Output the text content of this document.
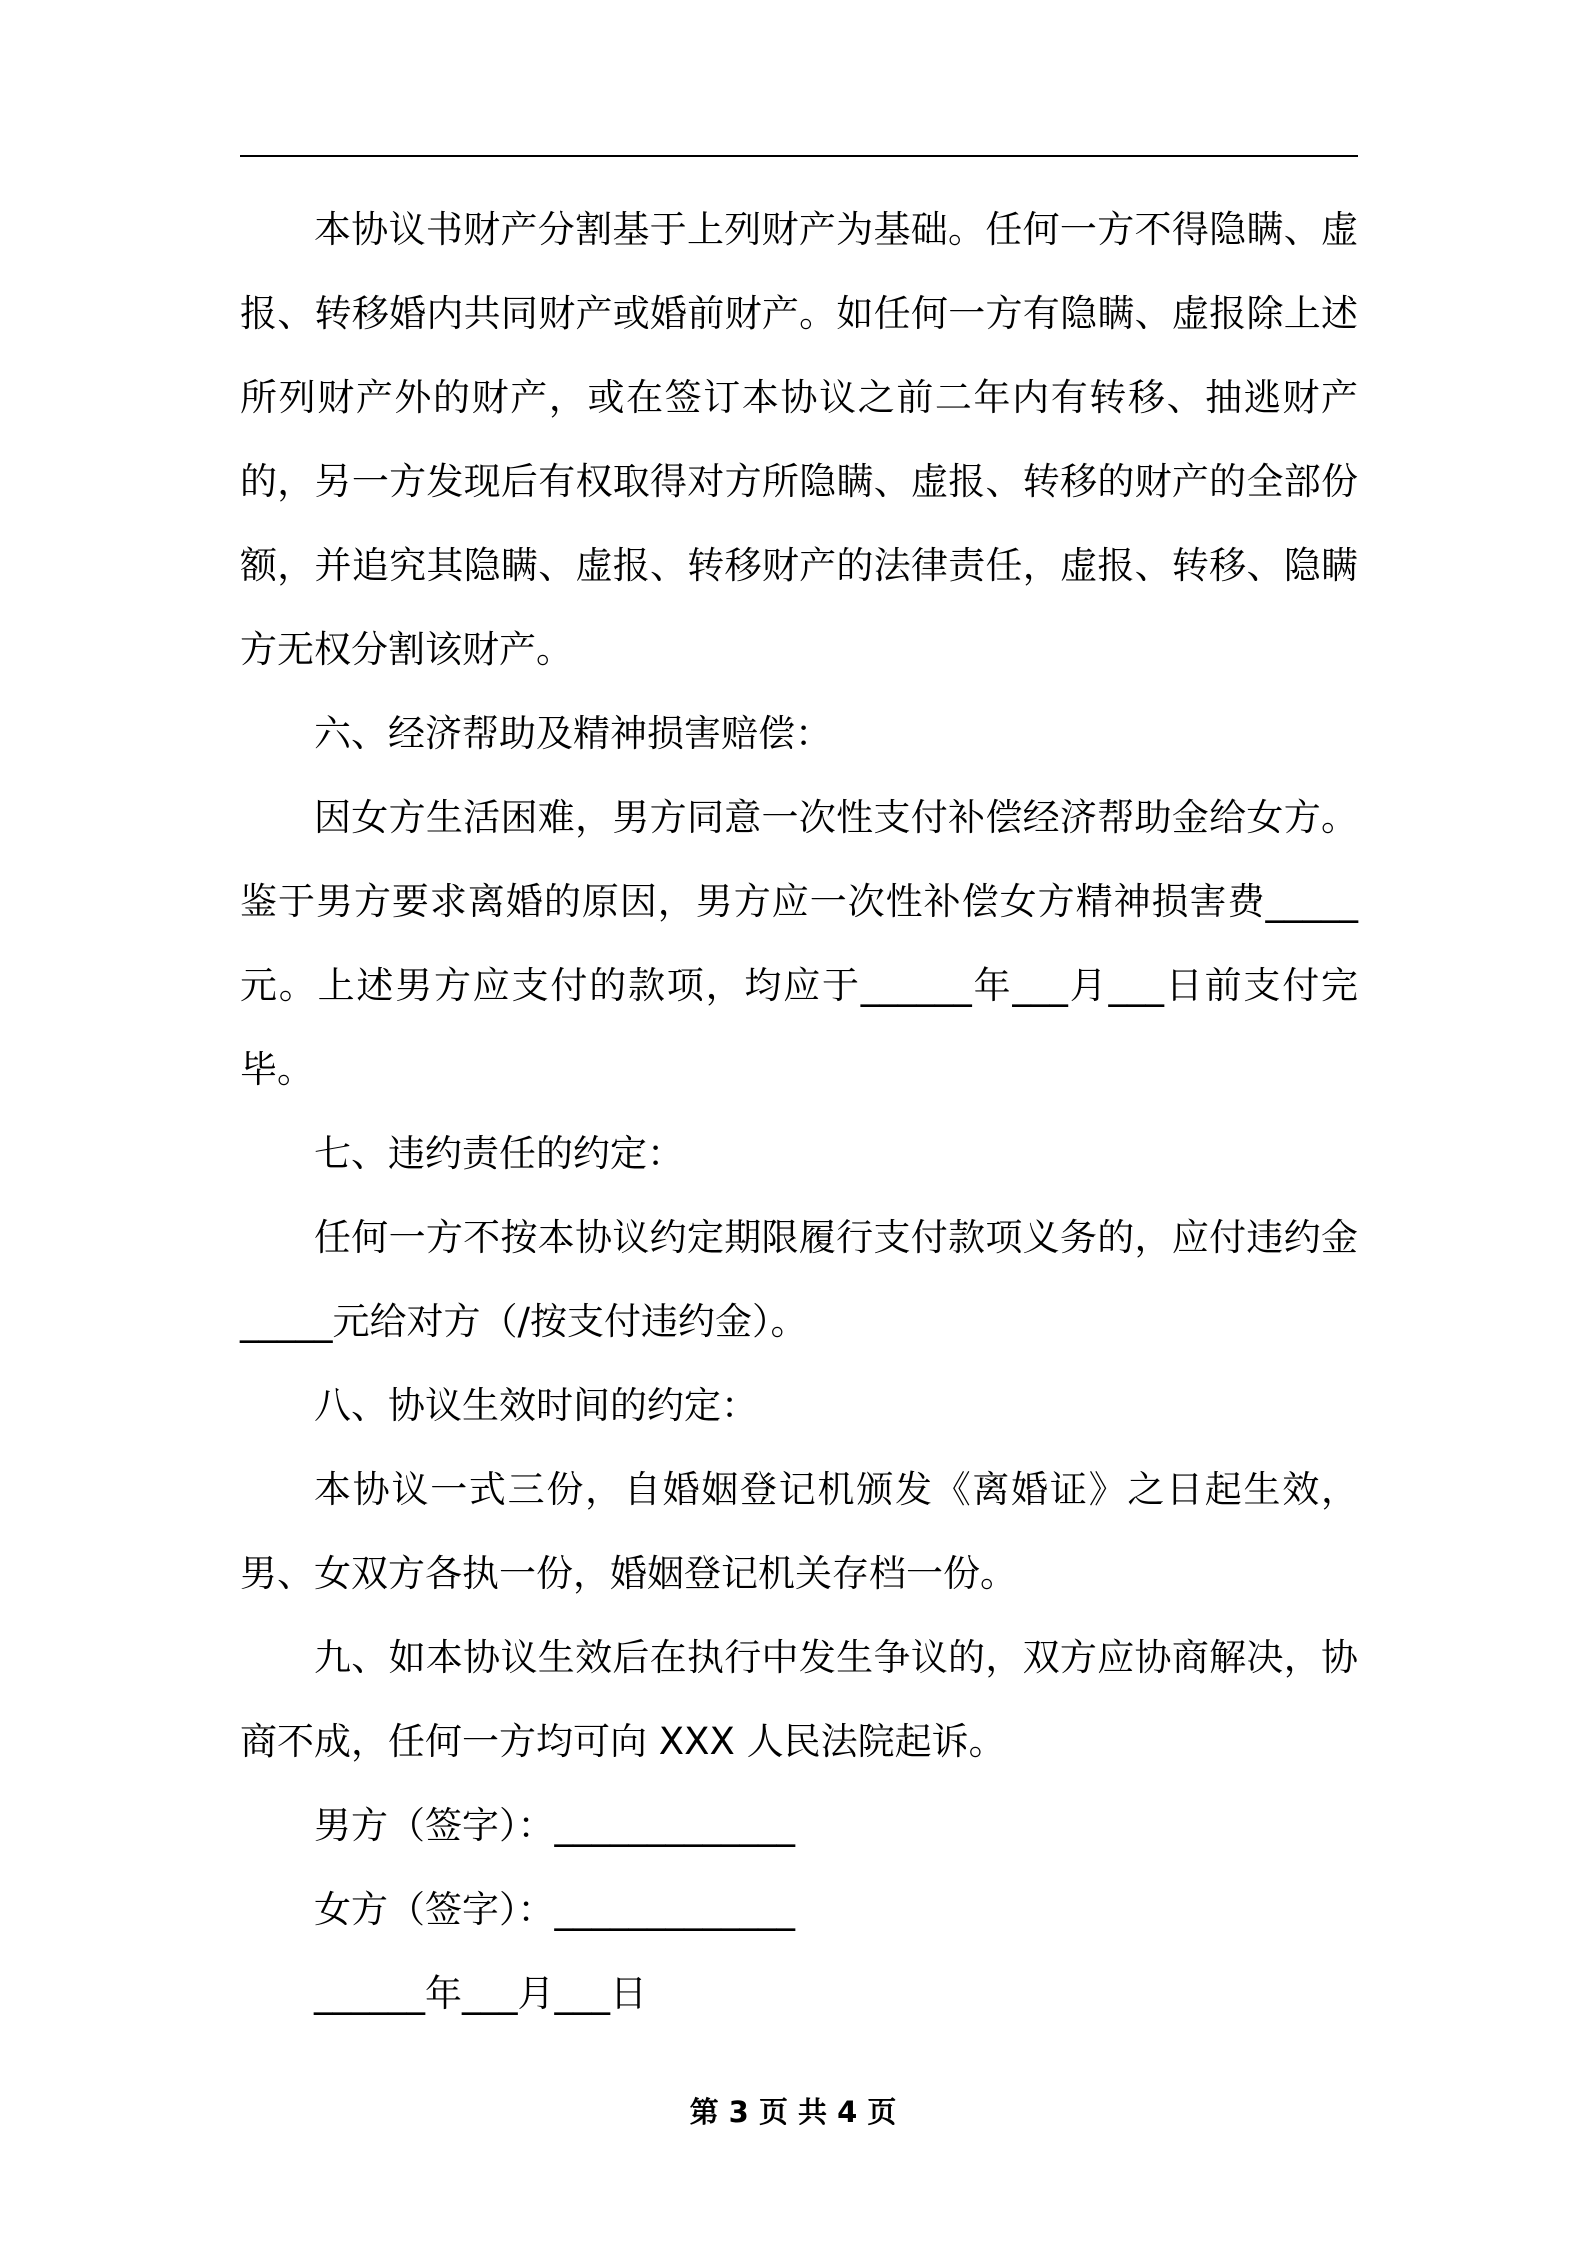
本协议书财产分割基于上列财产为基础。任何一方不得隐瞒、虚报、转移婚内共同财产或婚前财产。如任何一方有隐瞒、虚报除上述所列财产外的财产，或在签订本协议之前二年内有转移、抽逃财产的，另一方发现后有权取得对方所隐瞒、虚报、转移的财产的全部份额，并追究其隐瞒、虚报、转移财产的法律责任，虚报、转移、隐瞒方无权分割该财产。

六、经济帮助及精神损害赔偿：

因女方生活困难，男方同意一次性支付补偿经济帮助金给女方。鉴于男方要求离婚的原因，男方应一次性补偿女方精神损害费_____元。上述男方应支付的款项，均应于______年___月___日前支付完毕。

七、违约责任的约定：

任何一方不按本协议约定期限履行支付款项义务的，应付违约金_____元给对方（/按支付违约金）。

八、协议生效时间的约定：

本协议一式三份，自婚姻登记机颁发《离婚证》之日起生效，男、女双方各执一份，婚姻登记机关存档一份。

九、如本协议生效后在执行中发生争议的，双方应协商解决，协商不成，任何一方均可向 XXX 人民法院起诉。

男方（签字）：_____________

女方（签字）：_____________

______年___月___日

第 3 页 共 4 页
